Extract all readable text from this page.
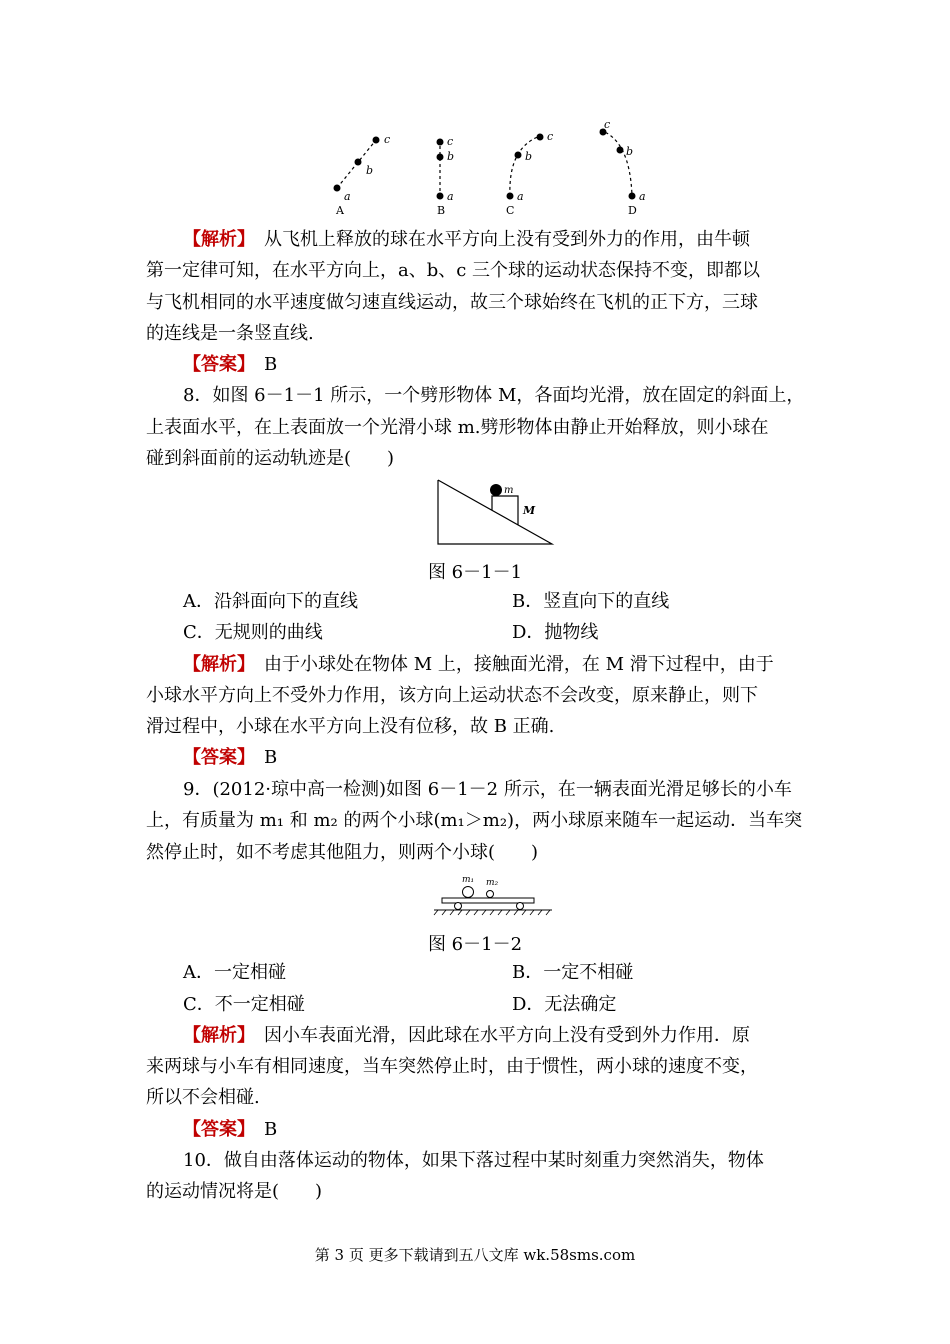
a
b
c
A
c
b
a
B
a
b
c
C
c
b
a
D
【解析】　 从飞机上释放的球在水平方向上没有受到外力的作用，由牛顿
第一定律可知，在水平方向上，a、b、c 三个球的运动状态保持不变，即都以
与飞机相同的水平速度做匀速直线运动，故三个球始终在飞机的正下方，三球
的连线是一条竖直线.
【答案】　 B
8．如图 6－1－1 所示，一个劈形物体 M，各面均光滑，放在固定的斜面上，
上表面水平，在上表面放一个光滑小球 m.劈形物体由静止开始释放，则小球在
碰到斜面前的运动轨迹是(　　)
m
M
图 6－1－1
A．沿斜面向下的直线	B．竖直向下的直线
C．无规则的曲线	D．抛物线
【解析】　 由于小球处在物体 M 上，接触面光滑，在 M 滑下过程中，由于
小球水平方向上不受外力作用，该方向上运动状态不会改变，原来静止，则下
滑过程中，小球在水平方向上没有位移，故 B 正确.
【答案】　 B
9．(2012·琼中高一检测)如图 6－1－2 所示，在一辆表面光滑足够长的小车
上，有质量为 m₁ 和 m₂ 的两个小球(m₁＞m₂)，两小球原来随车一起运动．当车突
然停止时，如不考虑其他阻力，则两个小球(　　)
m₁ m₂
图 6－1－2
A．一定相碰	B．一定不相碰
C．不一定相碰	D．无法确定
【解析】　 因小车表面光滑，因此球在水平方向上没有受到外力作用．原
来两球与小车有相同速度，当车突然停止时，由于惯性，两小球的速度不变，
所以不会相碰.
【答案】　 B
10．做自由落体运动的物体，如果下落过程中某时刻重力突然消失，物体
的运动情况将是(　　)
第 3 页 更多下载请到五八文库 wk.58sms.com
